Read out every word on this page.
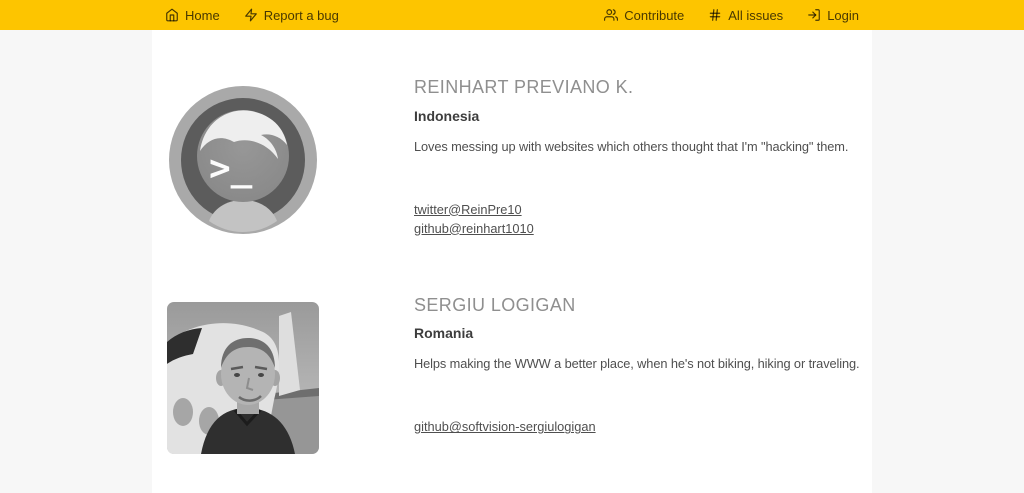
Home	Report a bug	Contribute	All issues	Login
>_
REINHART PREVIANO K.
Indonesia

Loves messing up with websites which others thought that I'm "hacking" them.

twitter@ReinPre10
github@reinhart1010
SERGIU LOGIGAN
Romania

Helps making the WWW a better place, when he's not biking, hiking or traveling.

github@softvision-sergiulogigan
